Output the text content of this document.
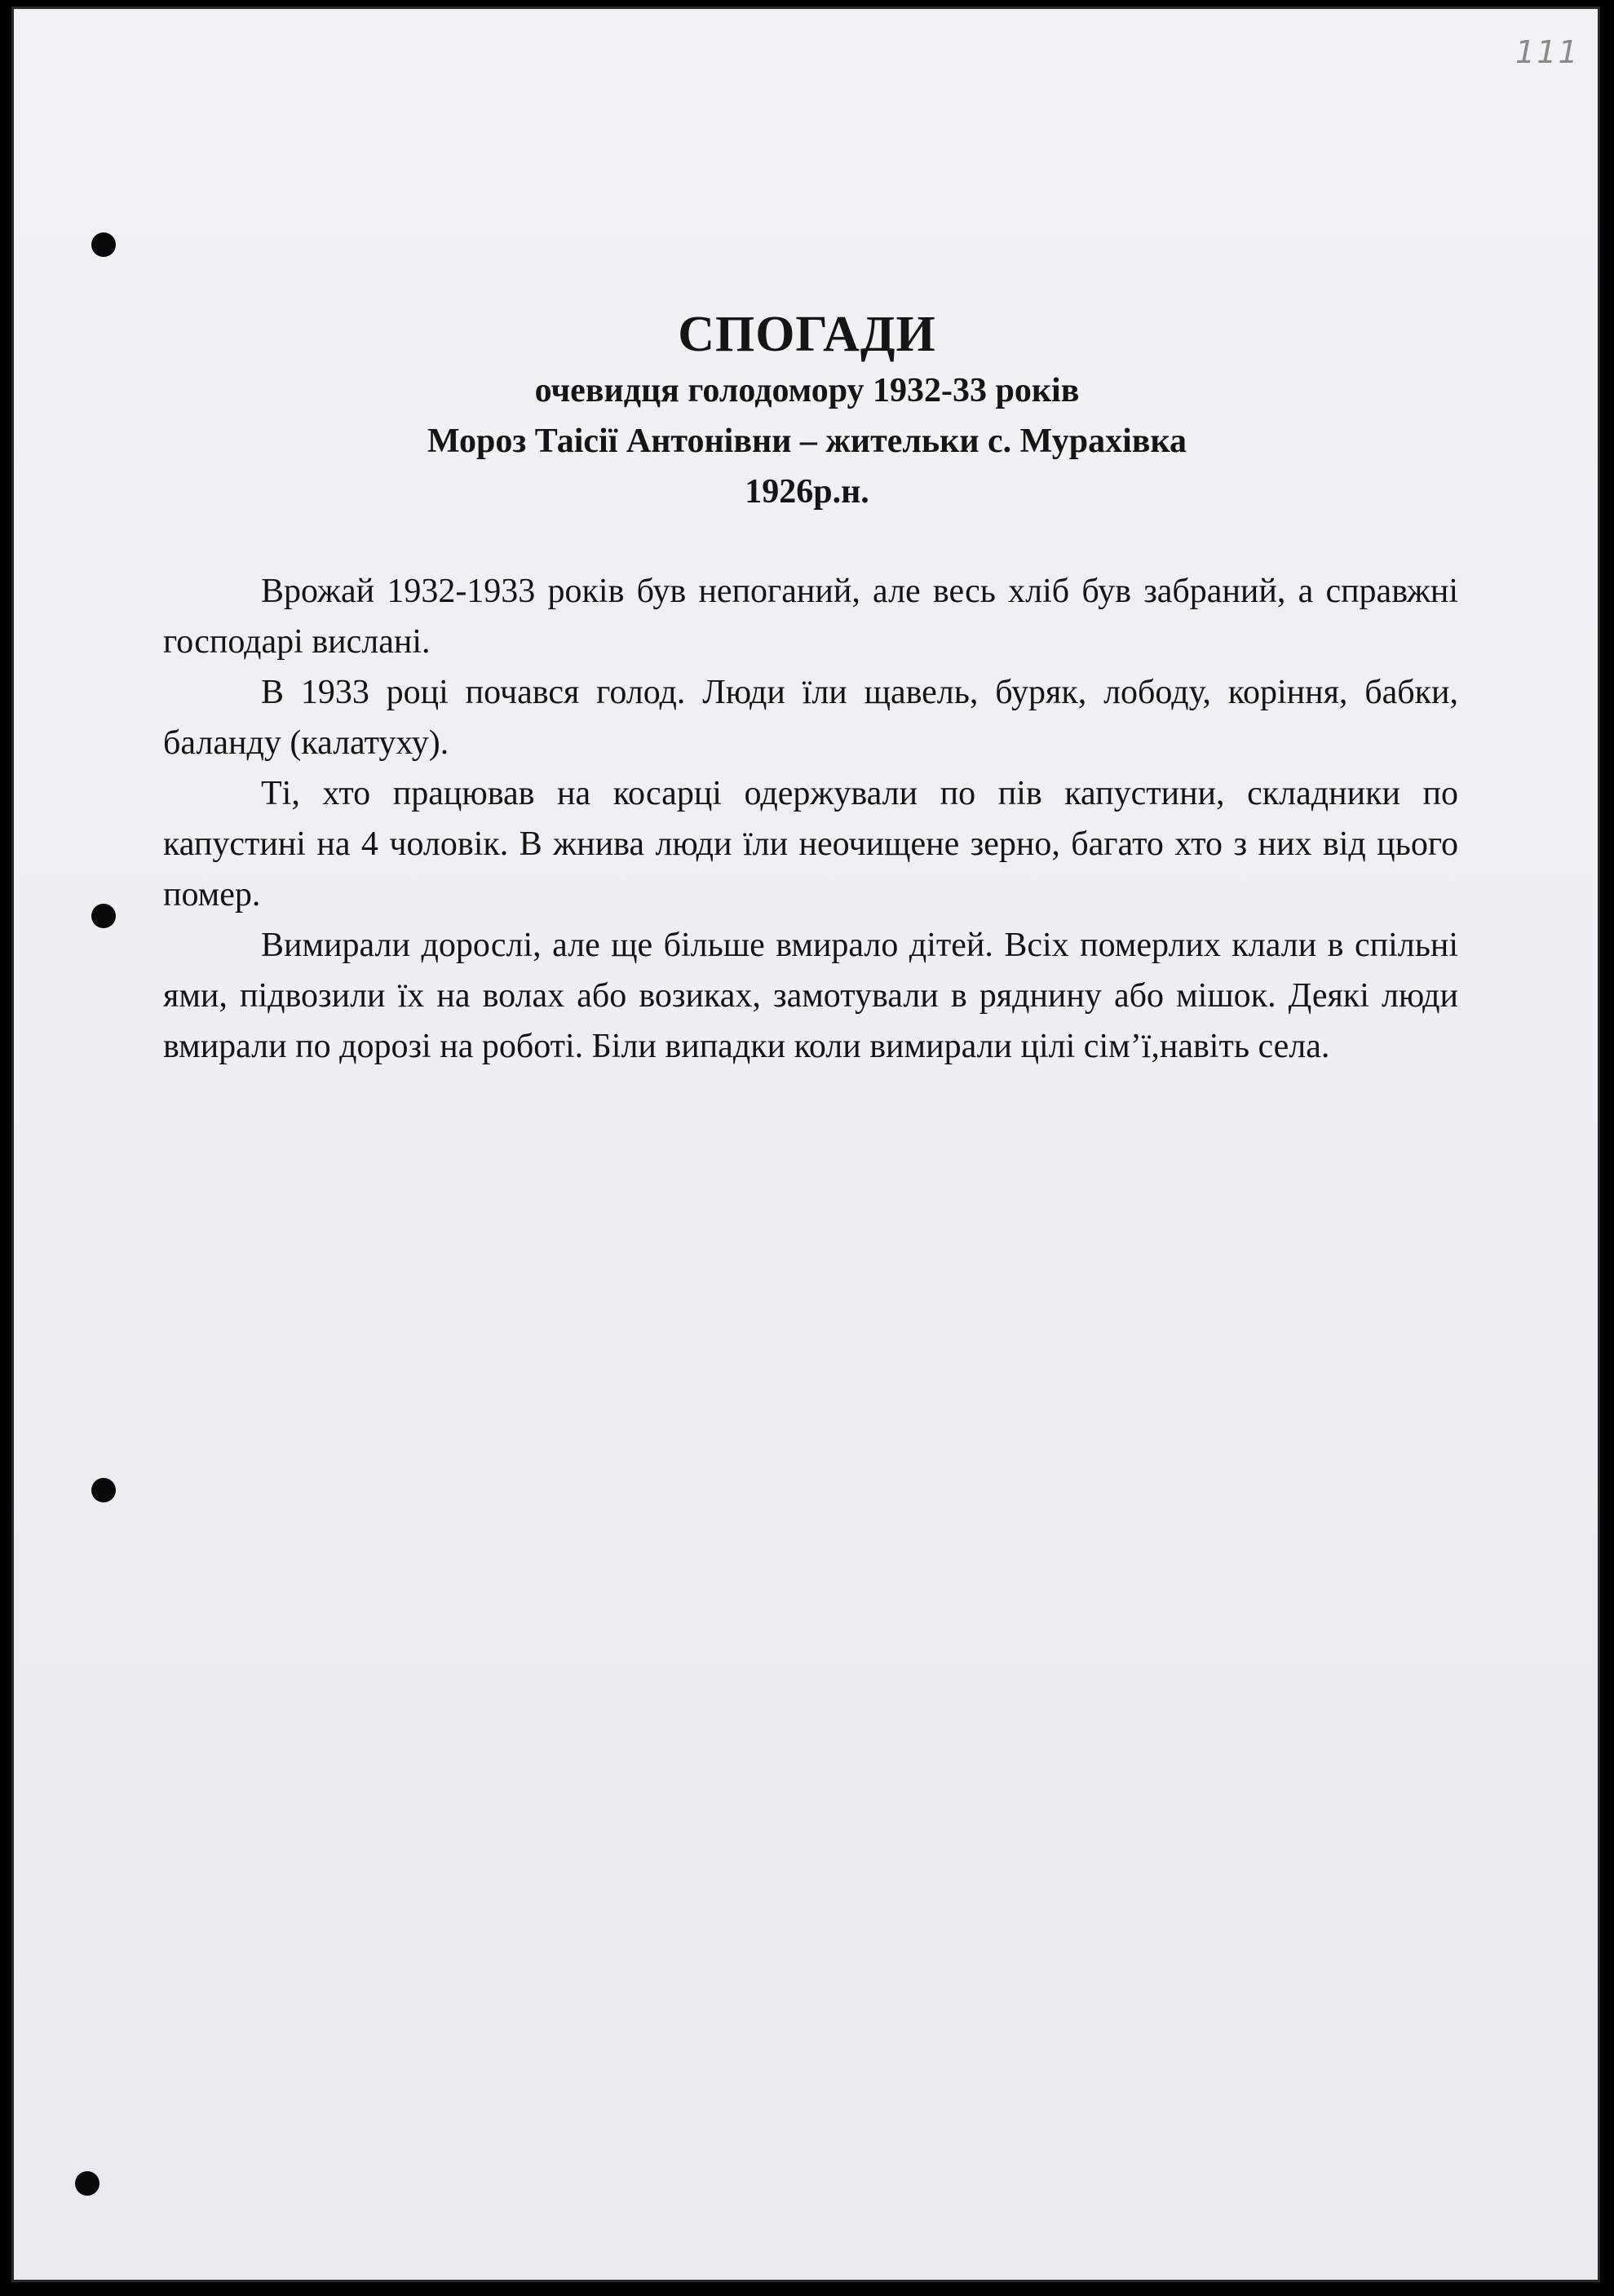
111

СПОГАДИ

очевидця голодомору 1932-33 років

Мороз Таісії Антонівни – жительки с. Мурахівка

1926р.н.

Врожай 1932-1933 років був непоганий, але весь хліб був забраний, а справжні господарі вислані.

В 1933 році почався голод. Люди їли щавель, буряк, лободу, коріння, бабки, баланду (калатуху).

Ті, хто працював на косарці одержували по пів капустини, складники по капустині на 4 чоловік. В жнива люди їли неочищене зерно, багато хто з них від цього помер.

Вимирали дорослі, але ще більше вмирало дітей. Всіх померлих клали в спільні ями, підвозили їх на волах або возиках, замотували в ряднину або мішок. Деякі люди вмирали по дорозі на роботі. Біли випадки коли вимирали цілі сім’ї,навіть села.
